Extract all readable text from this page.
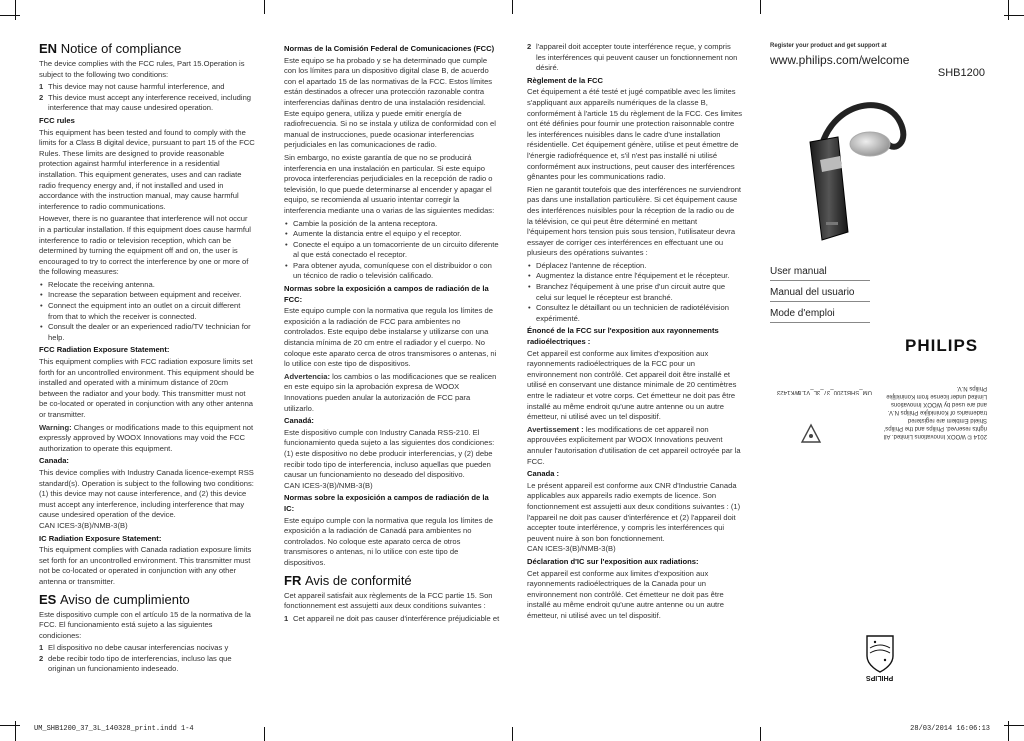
EN Notice of compliance

The device complies with the FCC rules, Part 15.Operation is subject to the following two conditions:

1 This device may not cause harmful interference, and
2 This device must accept any interference received, including interference that may cause undesired operation.
FCC rules

This equipment has been tested and found to comply with the limits for a Class B digital device, pursuant to part 15 of the FCC Rules. These limits are designed to provide reasonable protection against harmful interference in a residential installation. This equipment generates, uses and can radiate radio frequency energy and, if not installed and used in accordance with the instruction manual, may cause harmful interference to radio communications.

However, there is no guarantee that interference will not occur in a particular installation. If this equipment does cause harmful interference to radio or television reception, which can be determined by turning the equipment off and on, the user is encouraged to try to correct the interference by one or more of the following measures:

• Relocate the receiving antenna.
• Increase the separation between equipment and receiver.
• Connect the equipment into an outlet on a circuit different from that to which the receiver is connected.
• Consult the dealer or an experienced radio/TV technician for help.
FCC Radiation Exposure Statement:

This equipment complies with FCC radiation exposure limits set forth for an uncontrolled environment. This equipment should be installed and operated with a minimum distance of 20cm between the radiator and your body. This transmitter must not be co-located or operated in conjunction with any other antenna or transmitter.

Warning: Changes or modifications made to this equipment not expressly approved by WOOX Innovations may void the FCC authorization to operate this equipment.

Canada:

This device complies with Industry Canada licence-exempt RSS standard(s). Operation is subject to the following two conditions: (1) this device may not cause interference, and (2) this device must accept any interference, including interference that may cause undesired operation of the device.

CAN ICES-3(B)/NMB-3(B)

IC Radiation Exposure Statement:

This equipment complies with Canada radiation exposure limits set forth for an uncontrolled environment. This transmitter must not be co-located or operated in conjunction with any other antenna or transmitter.

ES Aviso de cumplimiento

Este dispositivo cumple con el artículo 15 de la normativa de la FCC. El funcionamiento está sujeto a las siguientes condiciones:

1 El dispositivo no debe causar interferencias nocivas y
2 debe recibir todo tipo de interferencias, incluso las que originan un funcionamiento indeseado.
Normas de la Comisión Federal de Comunicaciones (FCC)

Este equipo se ha probado y se ha determinado que cumple con los límites para un dispositivo digital clase B, de acuerdo con el apartado 15 de las normativas de la FCC. Estos límites están destinados a ofrecer una protección razonable contra interferencias dañinas dentro de una instalación residencial. Este equipo genera, utiliza y puede emitir energía de radiofrecuencia. Si no se instala y utiliza de conformidad con el manual de instrucciones, puede ocasionar interferencias perjudiciales en las comunicaciones de radio.

Sin embargo, no existe garantía de que no se producirá interferencia en una instalación en particular. Si este equipo provoca interferencias perjudiciales en la recepción de radio o televisión, lo que puede determinarse al encender y apagar el equipo, se recomienda al usuario intentar corregir la interferencia mediante una o varias de las siguientes medidas:

• Cambie la posición de la antena receptora.
• Aumente la distancia entre el equipo y el receptor.
• Conecte el equipo a un tomacorriente de un circuito diferente al que está conectado el receptor.
• Para obtener ayuda, comuníquese con el distribuidor o con un técnico de radio o televisión calificado.
Normas sobre la exposición a campos de radiación de la FCC:

Este equipo cumple con la normativa que regula los límites de exposición a la radiación de FCC para ambientes no controlados. Este equipo debe instalarse y utilizarse con una distancia mínima de 20 cm entre el radiador y el cuerpo. No coloque este aparato cerca de otros transmisores o antenas, ni lo utilice con este tipo de dispositivos.

Advertencia: los cambios o las modificaciones que se realicen en este equipo sin la aprobación expresa de WOOX Innovations pueden anular la autorización de FCC para utilizarlo.

Canadá:

Este dispositivo cumple con Industry Canada RSS-210. El funcionamiento queda sujeto a las siguientes dos condiciones: (1) este dispositivo no debe producir interferencias, y (2) debe recibir todo tipo de interferencia, incluso aquellas que pueden causar un funcionamiento no deseado del dispositivo.

CAN ICES-3(B)/NMB-3(B)

Normas sobre la exposición a campos de radiación de la IC:

Este equipo cumple con la normativa que regula los límites de exposición a la radiación de Canadá para ambientes no controlados. No coloque este aparato cerca de otros transmisores o antenas, ni lo utilice con este tipo de dispositivos.

FR Avis de conformité

Cet appareil satisfait aux règlements de la FCC partie 15. Son fonctionnement est assujetti aux deux conditions suivantes :

1 Cet appareil ne doit pas causer d'interférence préjudiciable et
2 l'appareil doit accepter toute interférence reçue, y compris les interférences qui peuvent causer un fonctionnement non désiré.
Règlement de la FCC

Cet équipement a été testé et jugé compatible avec les limites s'appliquant aux appareils numériques de la classe B, conformément à l'article 15 du règlement de la FCC. Ces limites ont été définies pour fournir une protection raisonnable contre les interférences nuisibles dans le cadre d'une installation résidentielle. Cet équipement génère, utilise et peut émettre de l'énergie radiofréquence et, s'il n'est pas installé ni utilisé conformément aux instructions, peut causer des interférences gênantes pour les communications radio.

Rien ne garantit toutefois que des interférences ne surviendront pas dans une installation particulière. Si cet équipement cause des interférences nuisibles pour la réception de la radio ou de la télévision, ce qui peut être déterminé en mettant l'équipement hors tension puis sous tension, l'utilisateur devra essayer de corriger ces interférences en effectuant une ou plusieurs des opérations suivantes :

• Déplacez l'antenne de réception.
• Augmentez la distance entre l'équipement et le récepteur.
• Branchez l'équipement à une prise d'un circuit autre que celui sur lequel le récepteur est branché.
• Consultez le détaillant ou un technicien de radiotélévision expérimenté.
Énoncé de la FCC sur l'exposition aux rayonnements radioélectriques :

Cet appareil est conforme aux limites d'exposition aux rayonnements radioélectriques de la FCC pour un environnement non contrôlé. Cet appareil doit être installé et utilisé en conservant une distance minimale de 20 centimètres entre le radiateur et votre corps. Cet émetteur ne doit pas être installé au même endroit qu'une autre antenne ou un autre émetteur, ni utilisé avec un tel dispositif.

Avertissement : les modifications de cet appareil non approuvées explicitement par WOOX Innovations peuvent annuler l'autorisation d'utilisation de cet appareil octroyée par la FCC.

Canada :

Le présent appareil est conforme aux CNR d'Industrie Canada applicables aux appareils radio exempts de licence. Son fonctionnement est assujetti aux deux conditions suivantes : (1) l'appareil ne doit pas causer d'interférence et (2) l'appareil doit accepter toute interférence, y compris les interférences qui peuvent nuire à son bon fonctionnement.

CAN ICES-3(B)/NMB-3(B)

Déclaration d'IC sur l'exposition aux radiations:

Cet appareil est conforme aux limites d'exposition aux rayonnements radioélectriques de la Canada pour un environnement non contrôlé. Cet émetteur ne doit pas être installé au même endroit qu'une autre antenne ou un autre émetteur, ni utilisé avec un tel dispositif.

Register your product and get support at
www.philips.com/welcome
SHB1200
User manual
Manual del usuario
Mode d'emploi
PHILIPS
2014 © WOOX Innovations Limited. All rights reserved. Philips and the Philips' Shield Emblem are registered trademarks of Koninklijke Philips N.V. and are used by WOOX Innovations Limited under license from Koninklijke Philips N.V.
UM_SHB1200_37_3L_V1.0
WK1423
PHILIPS
UM_SHB1200_37_3L_140328_print.indd 1-4	28/03/2014 16:06:13
